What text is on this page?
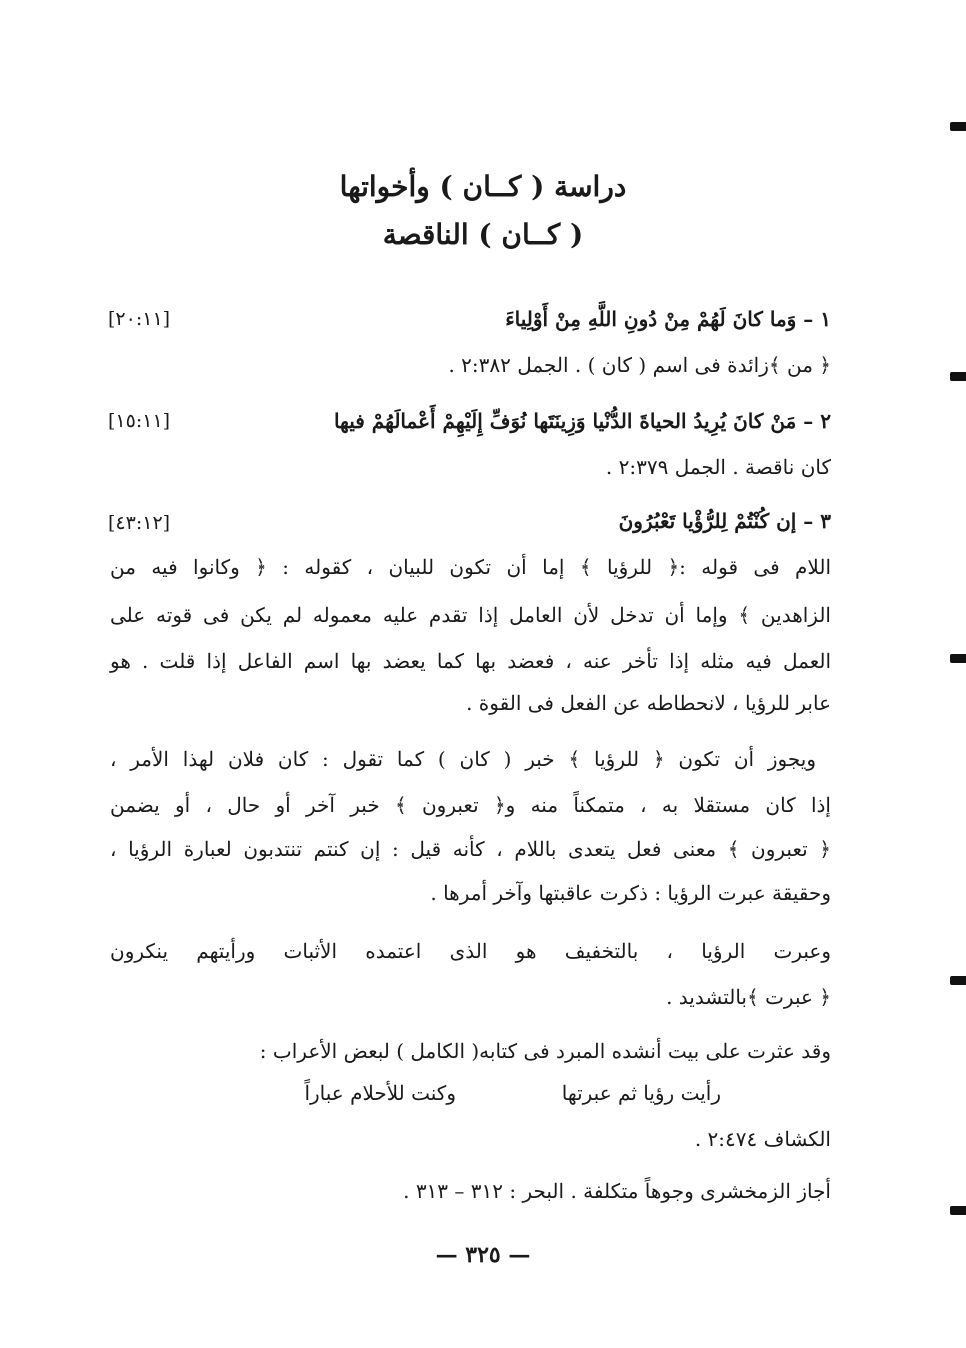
دراسة ( كــان ) وأخواتها
( كــان ) الناقصة
١ – وَما كانَ لَهُمْ مِنْ دُونِ اللَّهِ مِنْ أَوْلِياءَ
[٢٠:١١]
﴿ من ﴾زائدة فى اسم ( كان ) . الجمل ٢:٣٨٢ .
٢ – مَنْ كانَ يُرِيدُ الحياةَ الدُّنْيا وَزِينَتَها نُوَفِّ إِلَيْهِمْ أَعْمالَهُمْ فيها
[١٥:١١]
كان ناقصة . الجمل ٢:٣٧٩ .
٣ – إن كُنْتُمْ لِلرُّؤْيا تَعْبُرُونَ
[٤٣:١٢]
اللام فى قوله :﴿ للرؤيا ﴾ إما أن تكون للبيان ، كقوله : ﴿ وكانوا فيه من
الزاهدين ﴾ وإما أن تدخل لأن العامل إذا تقدم عليه معموله لم يكن فى قوته على
العمل فيه مثله إذا تأخر عنه ، فعضد بها كما يعضد بها اسم الفاعل إذا قلت . هو
عابر للرؤيا ، لانحطاطه عن الفعل فى القوة .
ويجوز أن تكون ﴿ للرؤيا ﴾ خبر ( كان ) كما تقول : كان فلان لهذا الأمر ،
إذا كان مستقلا به ، متمكناً منه و﴿ تعبرون ﴾ خبر آخر أو حال ، أو يضمن
﴿ تعبرون ﴾ معنى فعل يتعدى باللام ، كأنه قيل : إن كنتم تنتدبون لعبارة الرؤيا ،
وحقيقة عبرت الرؤيا : ذكرت عاقبتها وآخر أمرها .
وعبرت الرؤيا ، بالتخفيف هو الذى اعتمده الأثبات ورأيتهم ينكرون
﴿ عبرت ﴾بالتشديد .
وقد عثرت على بيت أنشده المبرد فى كتابه( الكامل ) لبعض الأعراب :
رأيت رؤيا ثم عبرتها
وكنت للأحلام عباراً
الكشاف ٢:٤٧٤ .
أجاز الزمخشرى وجوهاً متكلفة . البحر : ٣١٢ – ٣١٣ .
— ٣٢٥ —
